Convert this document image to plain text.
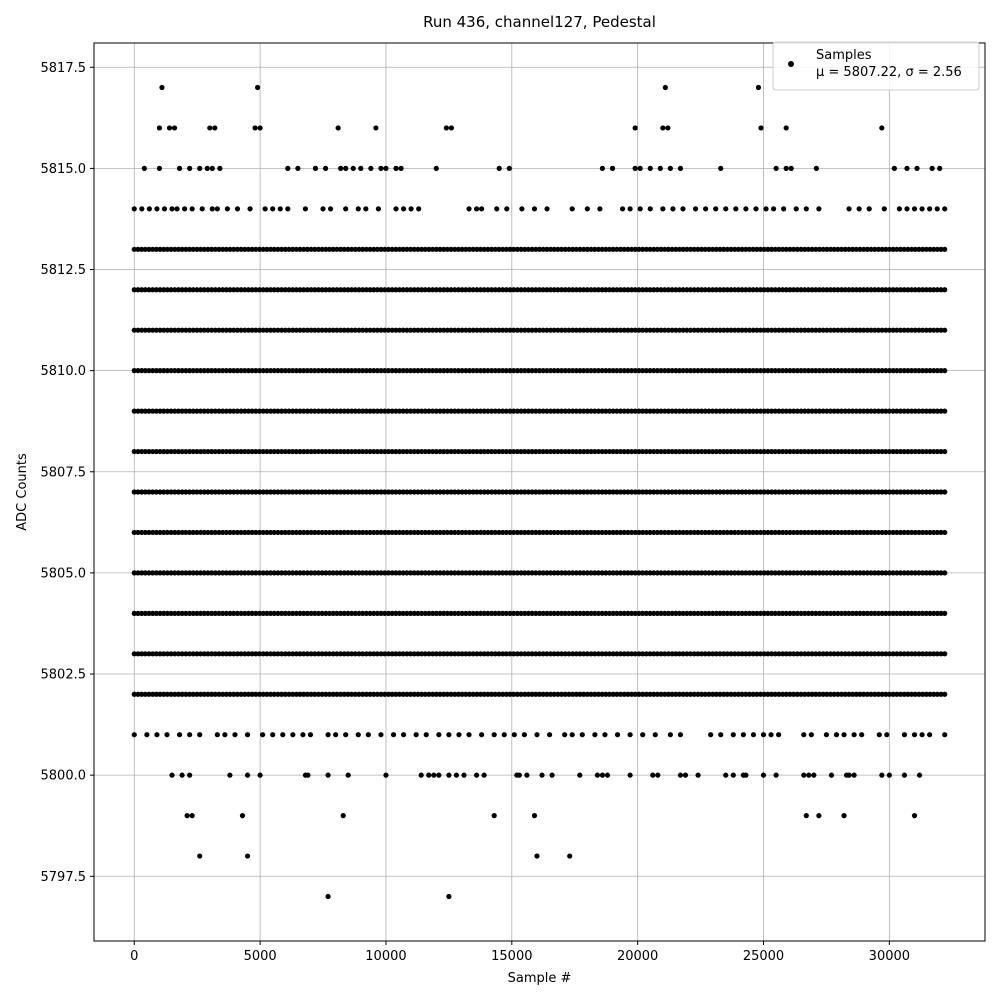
0	5000	10000	15000	20000	25000	30000
5797.5
5800.0
5802.5
5805.0
5807.5
5810.0
5812.5
5815.0
5817.5
Run 436, channel127, Pedestal
Sample #
ADC Counts
Samples
μ = 5807.22, σ = 2.56
